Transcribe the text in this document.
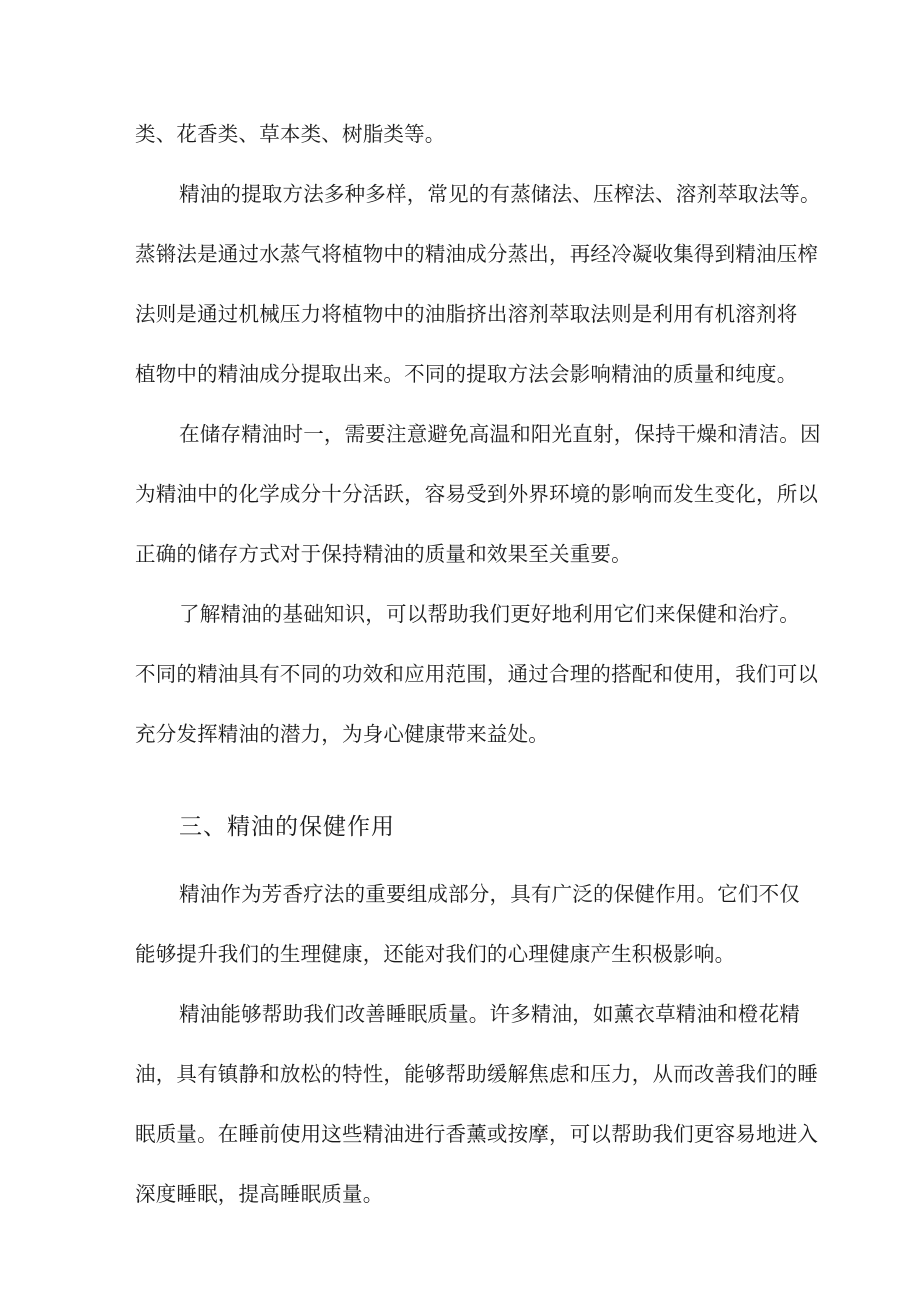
类、花香类、草本类、树脂类等。
精油的提取方法多种多样，常见的有蒸储法、压榨法、溶剂萃取法等。
蒸锵法是通过水蒸气将植物中的精油成分蒸出，再经冷凝收集得到精油压榨
法则是通过机械压力将植物中的油脂挤出溶剂萃取法则是利用有机溶剂将
植物中的精油成分提取出来。不同的提取方法会影响精油的质量和纯度。
在储存精油时一，需要注意避免高温和阳光直射，保持干燥和清洁。因
为精油中的化学成分十分活跃，容易受到外界环境的影响而发生变化，所以
正确的储存方式对于保持精油的质量和效果至关重要。
了解精油的基础知识，可以帮助我们更好地利用它们来保健和治疗。
不同的精油具有不同的功效和应用范围，通过合理的搭配和使用，我们可以
充分发挥精油的潜力，为身心健康带来益处。
三、精油的保健作用
精油作为芳香疗法的重要组成部分，具有广泛的保健作用。它们不仅
能够提升我们的生理健康，还能对我们的心理健康产生积极影响。
精油能够帮助我们改善睡眠质量。许多精油，如薰衣草精油和橙花精
油，具有镇静和放松的特性，能够帮助缓解焦虑和压力，从而改善我们的睡
眠质量。在睡前使用这些精油进行香薰或按摩，可以帮助我们更容易地进入
深度睡眠，提高睡眠质量。
